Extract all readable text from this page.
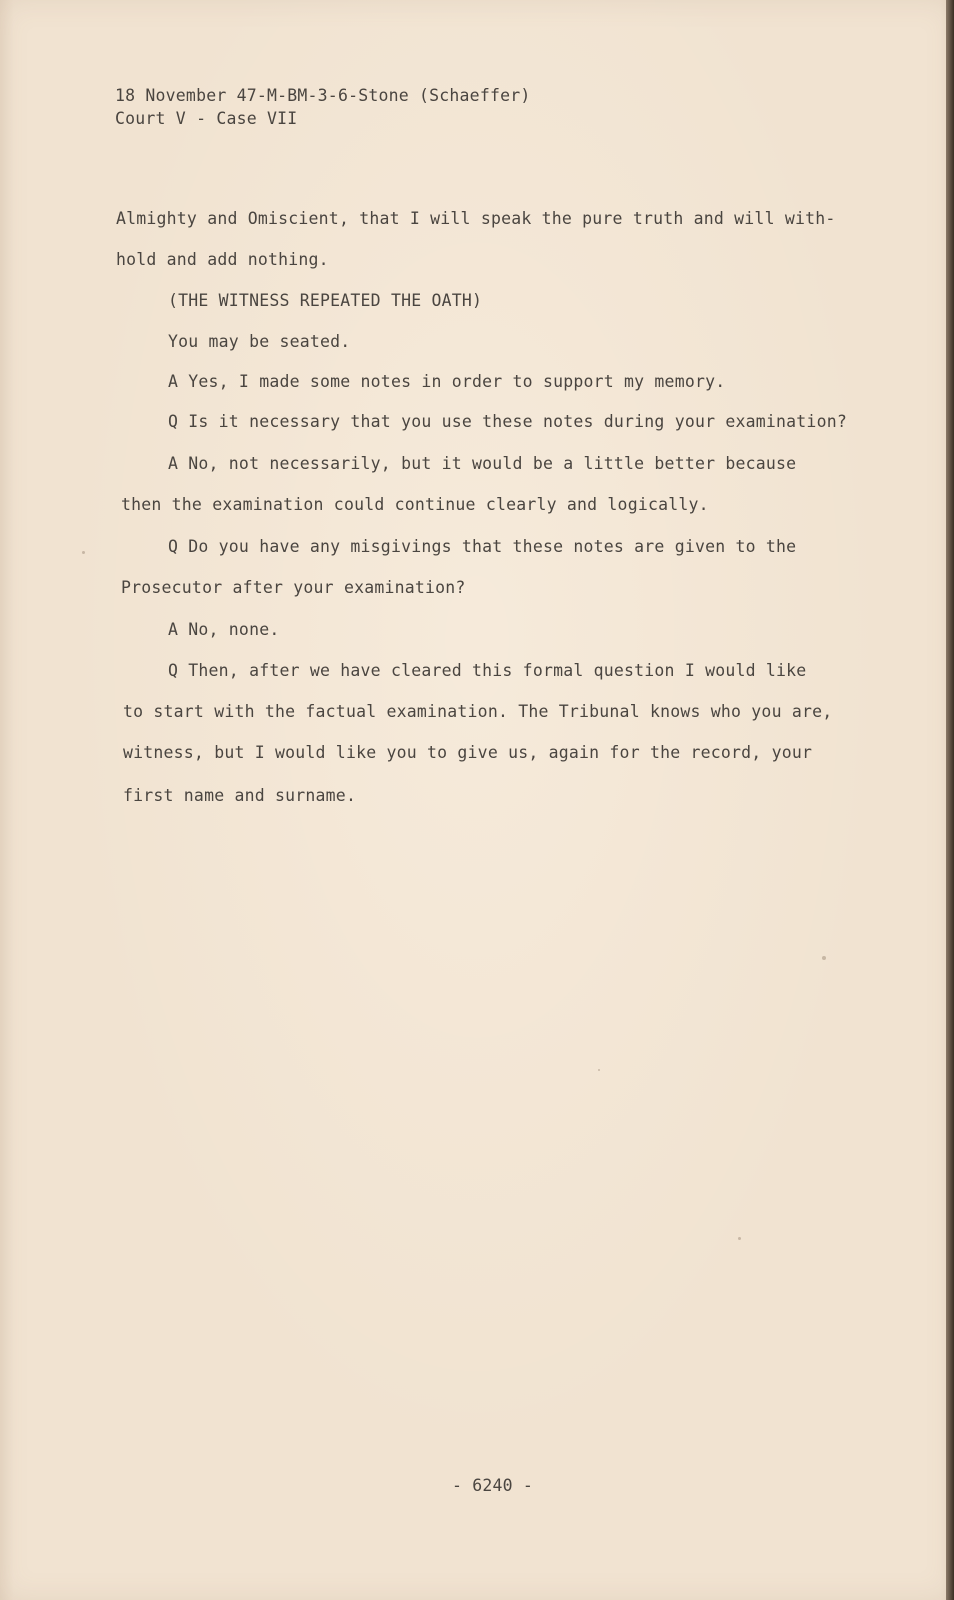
18 November 47-M-BM-3-6-Stone (Schaeffer)
Court V - Case VII
Almighty and Omiscient, that I will speak the pure truth and will with-
hold and add nothing.
(THE WITNESS REPEATED THE OATH)
You may be seated.
A Yes, I made some notes in order to support my memory.
Q Is it necessary that you use these notes during your examination?
A No, not necessarily, but it would be a little better because
then the examination could continue clearly and logically.
Q Do you have any misgivings that these notes are given to the
Prosecutor after your examination?
A No, none.
Q Then, after we have cleared this formal question I would like
to start with the factual examination. The Tribunal knows who you are,
witness, but I would like you to give us, again for the record, your
first name and surname.
- 6240 -
